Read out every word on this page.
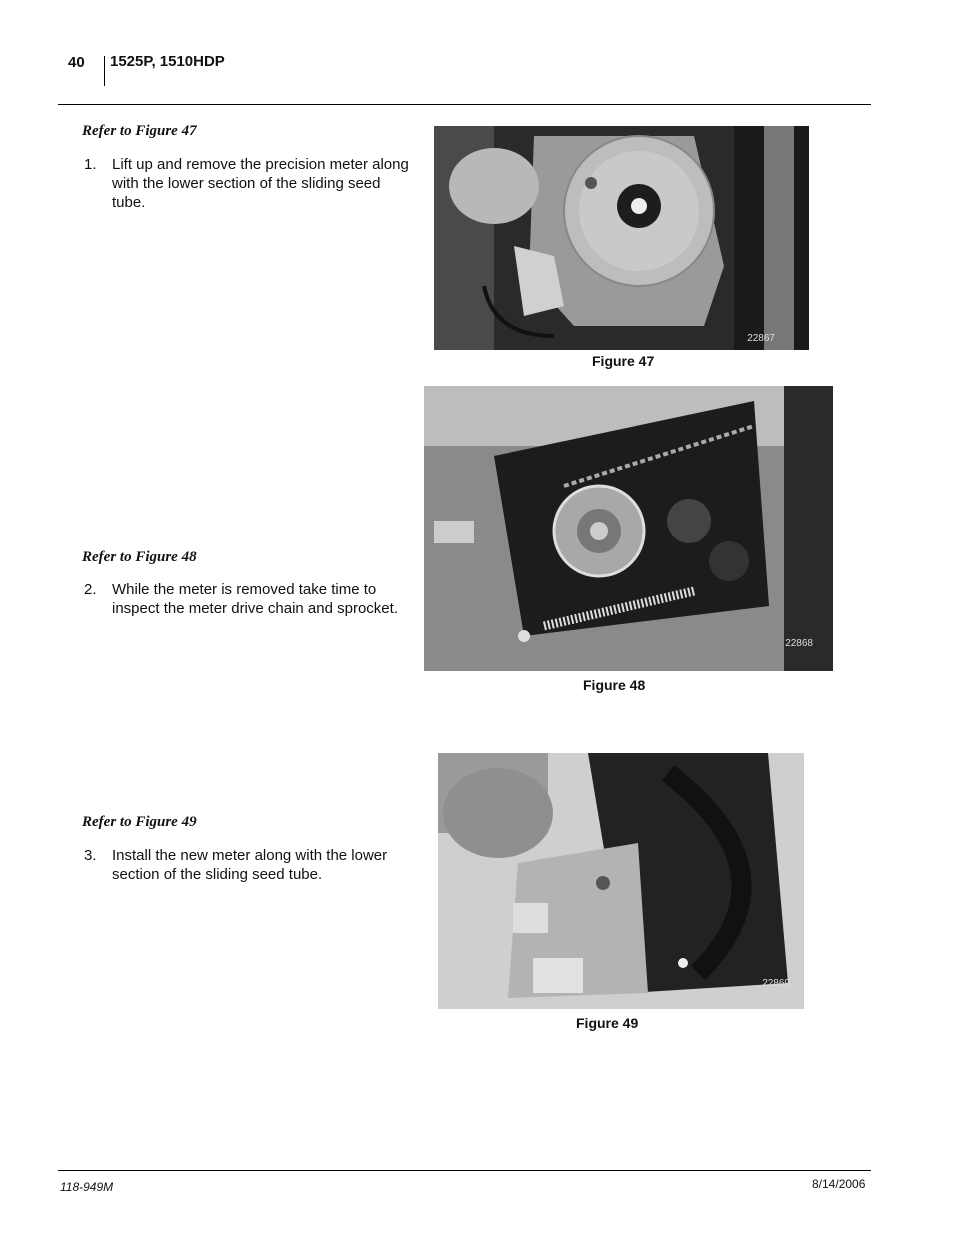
40 1525P, 1510HDP
Refer to Figure 47
1. Lift up and remove the precision meter along with the lower section of the sliding seed tube.
22867
Figure 47
22868
Figure 48
Refer to Figure 48
2. While the meter is removed take time to inspect the meter drive chain and sprocket.
22869
Figure 49
Refer to Figure 49
3. Install the new meter along with the lower section of the sliding seed tube.
118-949M	8/14/2006
